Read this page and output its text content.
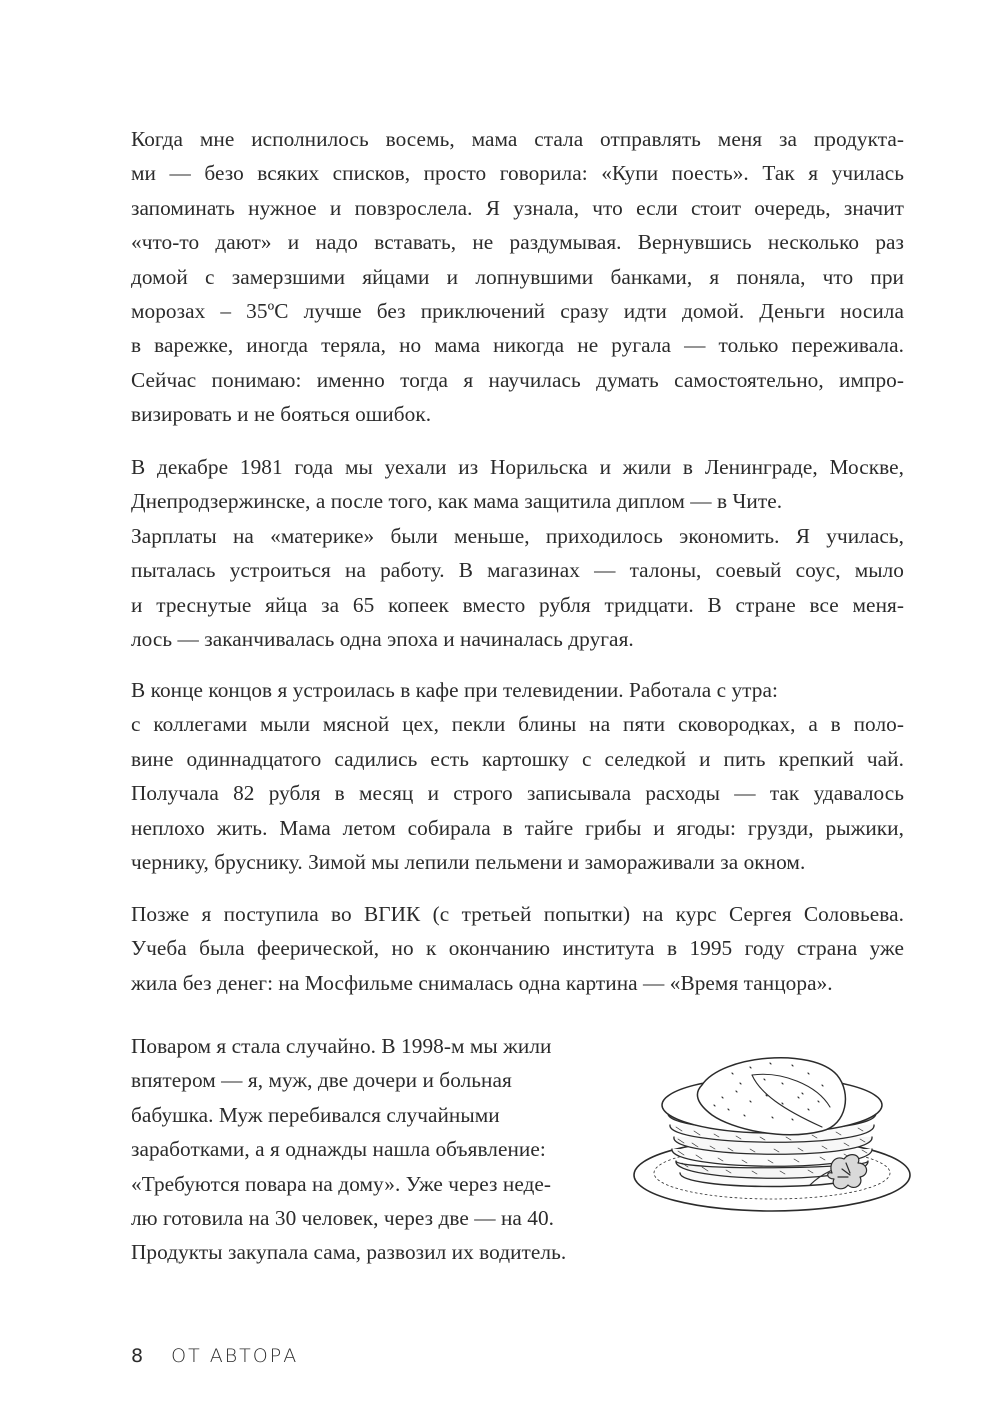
Когда мне исполнилось восемь, мама стала отправлять меня за продукта-
ми — безо всяких списков, просто говорила: «Купи поесть». Так я училась
запоминать нужное и повзрослела. Я узнала, что если стоит очередь, значит
«что-то дают» и надо вставать, не раздумывая. Вернувшись несколько раз
домой с замерзшими яйцами и лопнувшими банками, я поняла, что при
морозах – 35ºС лучше без приключений сразу идти домой. Деньги носила
в варежке, иногда теряла, но мама никогда не ругала — только переживала.
Сейчас понимаю: именно тогда я научилась думать самостоятельно, импро-
визировать и не бояться ошибок.
В декабре 1981 года мы уехали из Норильска и жили в Ленинграде, Москве,
Днепродзержинске, а после того, как мама защитила диплом — в Чите.
Зарплаты на «материке» были меньше, приходилось экономить. Я училась,
пыталась устроиться на работу. В магазинах — талоны, соевый соус, мыло
и треснутые яйца за 65 копеек вместо рубля тридцати. В стране все меня-
лось — заканчивалась одна эпоха и начиналась другая.
В конце концов я устроилась в кафе при телевидении. Работала с утра:
с коллегами мыли мясной цех, пекли блины на пяти сковородках, а в поло-
вине одиннадцатого садились есть картошку с селедкой и пить крепкий чай.
Получала 82 рубля в месяц и строго записывала расходы — так удавалось
неплохо жить. Мама летом собирала в тайге грибы и ягоды: грузди, рыжики,
чернику, бруснику. Зимой мы лепили пельмени и замораживали за окном.
Позже я поступила во ВГИК (с третьей попытки) на курс Сергея Соловьева.
Учеба была феерической, но к окончанию института в 1995 году страна уже
жила без денег: на Мосфильме снималась одна картина — «Время танцора».
Поваром я стала случайно. В 1998-м мы жили
впятером — я, муж, две дочери и больная
бабушка. Муж перебивался случайными
заработками, а я однажды нашла объявление:
«Требуются повара на дому». Уже через неде-
лю готовила на 30 человек, через две — на 40.
Продукты закупала сама, развозил их водитель.
8 ОТ АВТОРА
